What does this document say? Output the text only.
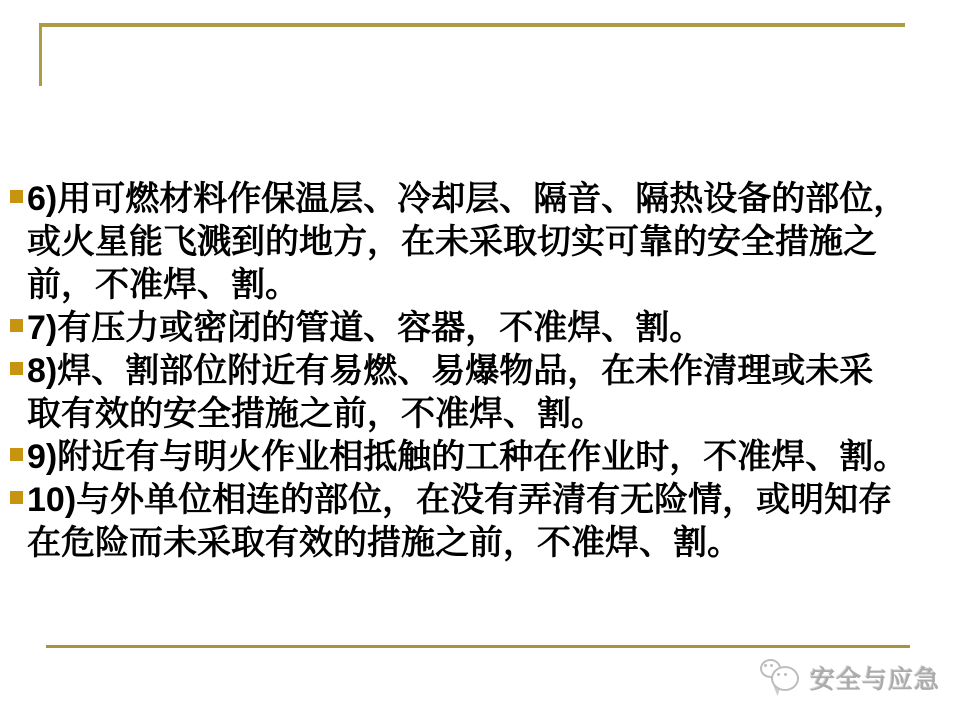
6)用可燃材料作保温层、冷却层、隔音、隔热设备的部位，
或火星能飞溅到的地方，在未采取切实可靠的安全措施之
前，不准焊、割。
7)有压力或密闭的管道、容器，不准焊、割。
8)焊、割部位附近有易燃、易爆物品，在未作清理或未采
取有效的安全措施之前，不准焊、割。
9)附近有与明火作业相抵触的工种在作业时，不准焊、割。
10)与外单位相连的部位，在没有弄清有无险情，或明知存
在危险而未采取有效的措施之前，不准焊、割。
安全与应急
